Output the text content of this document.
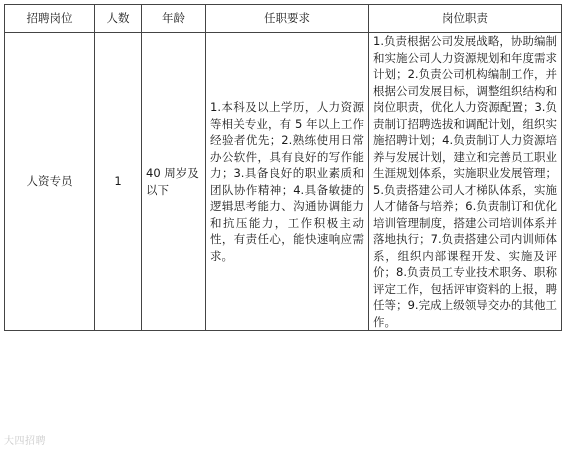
招聘岗位	人数	年龄	任职要求	岗位职责
人资专员	1	40 周岁及以下	1.本科及以上学历，人力资源等相关专业，有 5 年以上工作经验者优先；2.熟练使用日常办公软件，具有良好的写作能力；3.具备良好的职业素质和团队协作精神；4.具备敏捷的逻辑思考能力、沟通协调能力和抗压能力，工作积极主动性，有责任心，能快速响应需求。	1.负责根据公司发展战略，协助编制和实施公司人力资源规划和年度需求计划；2.负责公司机构编制工作，并根据公司发展目标，调整组织结构和岗位职责，优化人力资源配置；3.负责制订招聘选拔和调配计划，组织实施招聘计划；4.负责制订人力资源培养与发展计划，建立和完善员工职业生涯规划体系，实施职业发展管理；5.负责搭建公司人才梯队体系，实施人才储备与培养；6.负责制订和优化培训管理制度，搭建公司培训体系并落地执行；7.负责搭建公司内训师体系，组织内部课程开发、实施及评价；8.负责员工专业技术职务、职称评定工作，包括评审资料的上报，聘任等；9.完成上级领导交办的其他工作。
大四招聘
